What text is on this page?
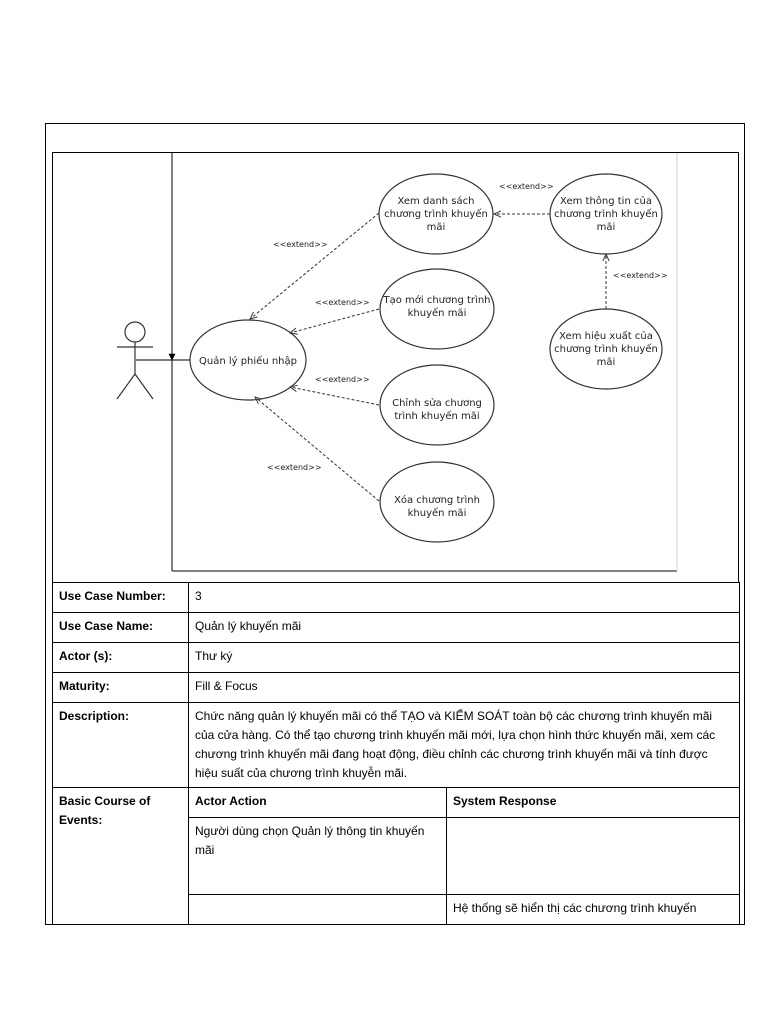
Quản lý phiếu nhập
<<extend>>
<<extend>>
<<extend>>
<<extend>>
<<extend>>
<<extend>>
Xem danh sách
chương trình khuyến
mãi
Xem thông tin của
chương trình khuyến
mãi
Tạo mới chương trình
khuyến mãi
Xem hiệu xuất của
chương trình khuyến
mãi
Chỉnh sửa chương
trình khuyến mãi
Xóa chương trình
khuyến mãi
Use Case Number:	3	
Use Case Name:	Quản lý khuyến mãi	
Actor (s):	Thư ký	
Maturity:	Fill & Focus	
Description:	Chức năng quản lý khuyến mãi có thể TẠO và KIỂM SOÁT toàn bộ các chương trình khuyến mãi của cửa hàng. Có thể tạo chương trình khuyến mãi mới, lựa chọn hình thức khuyến mãi, xem các chương trình khuyến mãi đang hoạt động, điều chỉnh các chương trình khuyến mãi và tính được hiệu suất của chương trình khuyễn mãi.	
Basic Course of Events:	Actor Action	System Response
	Người dùng chọn Quản lý thông tin khuyến mãi	
		Hệ thống sẽ hiển thị các chương trình khuyến
